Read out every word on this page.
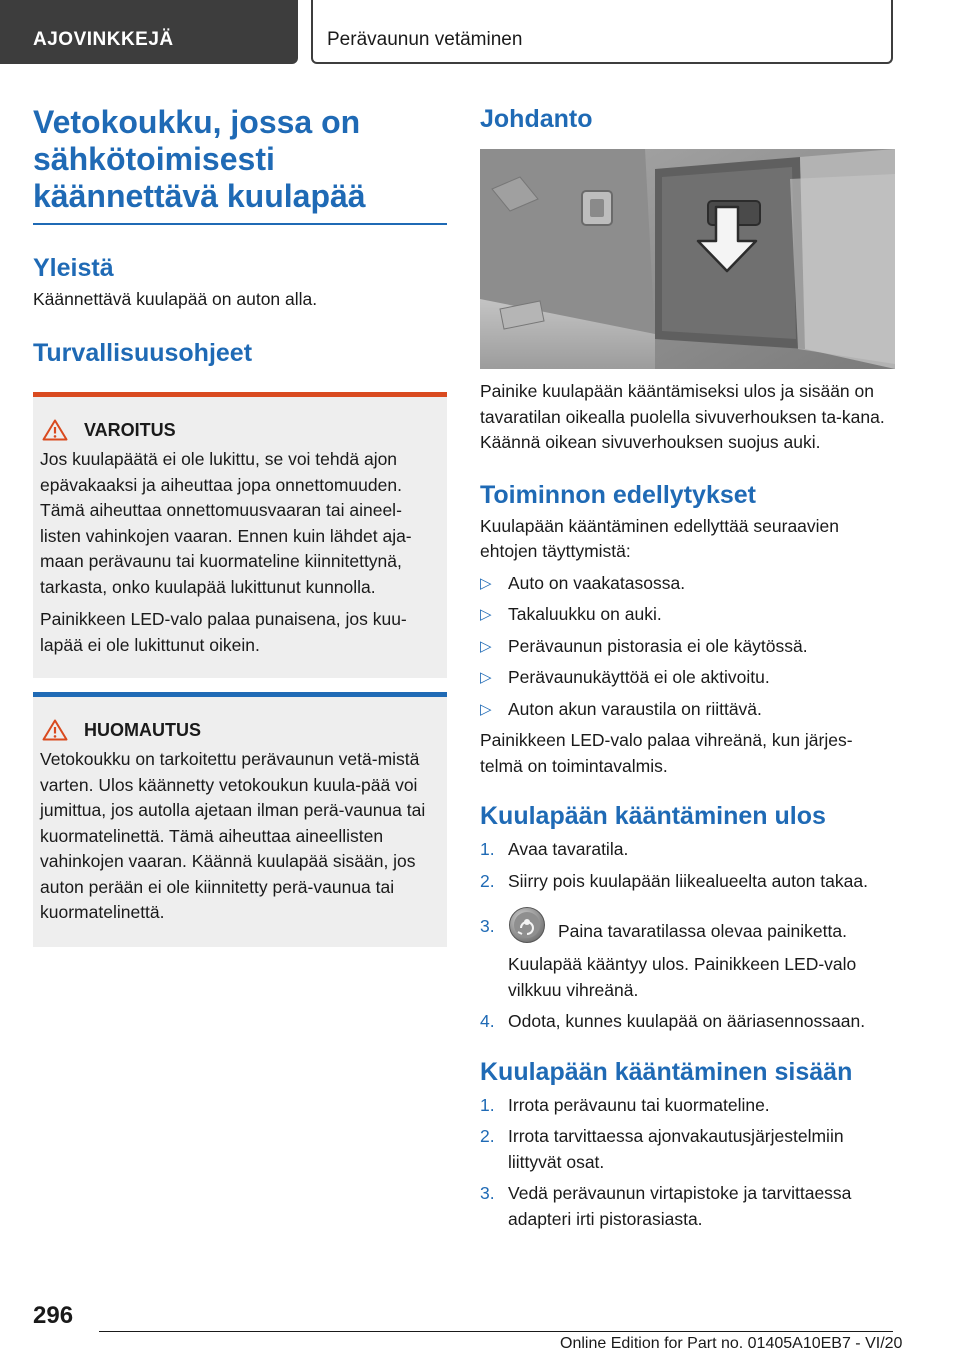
AJOVINKKEJÄ	Perävaunun vetäminen
Vetokoukku, jossa on sähkötoimisesti käännettävä kuulapää
Yleistä

Käännettävä kuulapää on auton alla.

Turvallisuusohjeet
VAROITUS

Jos kuulapäätä ei ole lukittu, se voi tehdä ajon epävakaaksi ja aiheuttaa jopa onnettomuuden. Tämä aiheuttaa onnettomuusvaaran tai aineel-listen vahinkojen vaaran. Ennen kuin lähdet aja-maan perävaunu tai kuormateline kiinnitettynä, tarkasta, onko kuulapää lukittunut kunnolla.

Painikkeen LED-valo palaa punaisena, jos kuu-lapää ei ole lukittunut oikein.

HUOMAUTUS

Vetokoukku on tarkoitettu perävaunun vetä-mistä varten. Ulos käännetty vetokoukun kuula-pää voi jumittua, jos autolla ajetaan ilman perä-vaunua tai kuormatelinettä. Tämä aiheuttaa aineellisten vahinkojen vaaran. Käännä kuulapää sisään, jos auton perään ei ole kiinnitetty perä-vaunua tai kuormatelinettä.

Johdanto

Painike kuulapään kääntämiseksi ulos ja sisään on tavaratilan oikealla puolella sivuverhouksen ta-kana. Käännä oikean sivuverhouksen suojus auki.

Toiminnon edellytykset

Kuulapään kääntäminen edellyttää seuraavien ehtojen täyttymistä:

▷ Auto on vaakatasossa.
▷ Takaluukku on auki.
▷ Perävaunun pistorasia ei ole käytössä.
▷ Perävaunukäyttöä ei ole aktivoitu.
▷ Auton akun varaustila on riittävä.

Painikkeen LED-valo palaa vihreänä, kun järjes-telmä on toimintavalmis.

Kuulapään kääntäminen ulos
1. Avaa tavaratila.
2. Siirry pois kuulapään liikealueelta auton takaa.
3.	Paina tavaratilassa olevaa painiketta.
Kuulapää kääntyy ulos. Painikkeen LED-valo vilkkuu vihreänä.
4. Odota, kunnes kuulapää on ääriasennossaan.
Kuulapään kääntäminen sisään
1. Irrota perävaunu tai kuormateline.
2. Irrota tarvittaessa ajonvakautusjärjestelmiin liittyvät osat.
3. Vedä perävaunun virtapistoke ja tarvittaessa adapteri irti pistorasiasta.
296
Online Edition for Part no. 01405A10EB7 - VI/20
